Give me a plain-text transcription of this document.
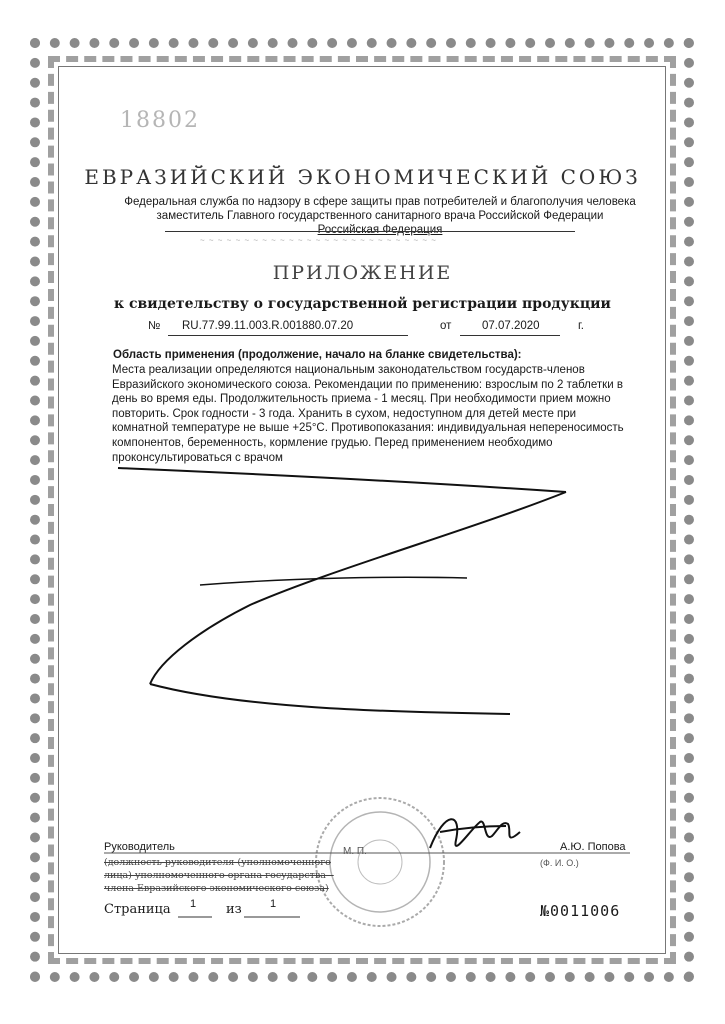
18802
ЕВРАЗИЙСКИЙ ЭКОНОМИЧЕСКИЙ СОЮЗ
Федеральная служба по надзору в сфере защиты прав потребителей и благополучия человека
заместитель Главного государственного санитарного врача Российской Федерации
Российская Федерация
~ ~ ~ ~ ~ ~ ~ ~ ~ ~ ~ ~ ~ ~ ~ ~ ~ ~ ~ ~ ~ ~ ~ ~ ~ ~ ~
ПРИЛОЖЕНИЕ
к свидетельству о государственной регистрации продукции
№ RU.77.99.11.003.R.001880.07.20	от	07.07.2020	г.
Область применения (продолжение, начало на бланке свидетельства):
Места реализации определяются национальным законодательством государств-членов Евразийского экономического союза. Рекомендации по применению: взрослым по 2 таблетки в день во время еды. Продолжительность приема - 1 месяц. При необходимости прием можно повторить. Срок годности - 3 года. Хранить в сухом, недоступном для детей месте при комнатной температуре не выше +25°С. Противопоказания: индивидуальная непереносимость компонентов, беременность, кормление грудью. Перед применением необходимо проконсультироваться с врачом
Руководитель	М. П.	А.Ю. Попова
(должность руководителя (уполномоченного
лица) уполномоченного органа государства –
члена Евразийского экономического союза)
(Ф. И. О.)
Страница 1 из	1	№0011006
